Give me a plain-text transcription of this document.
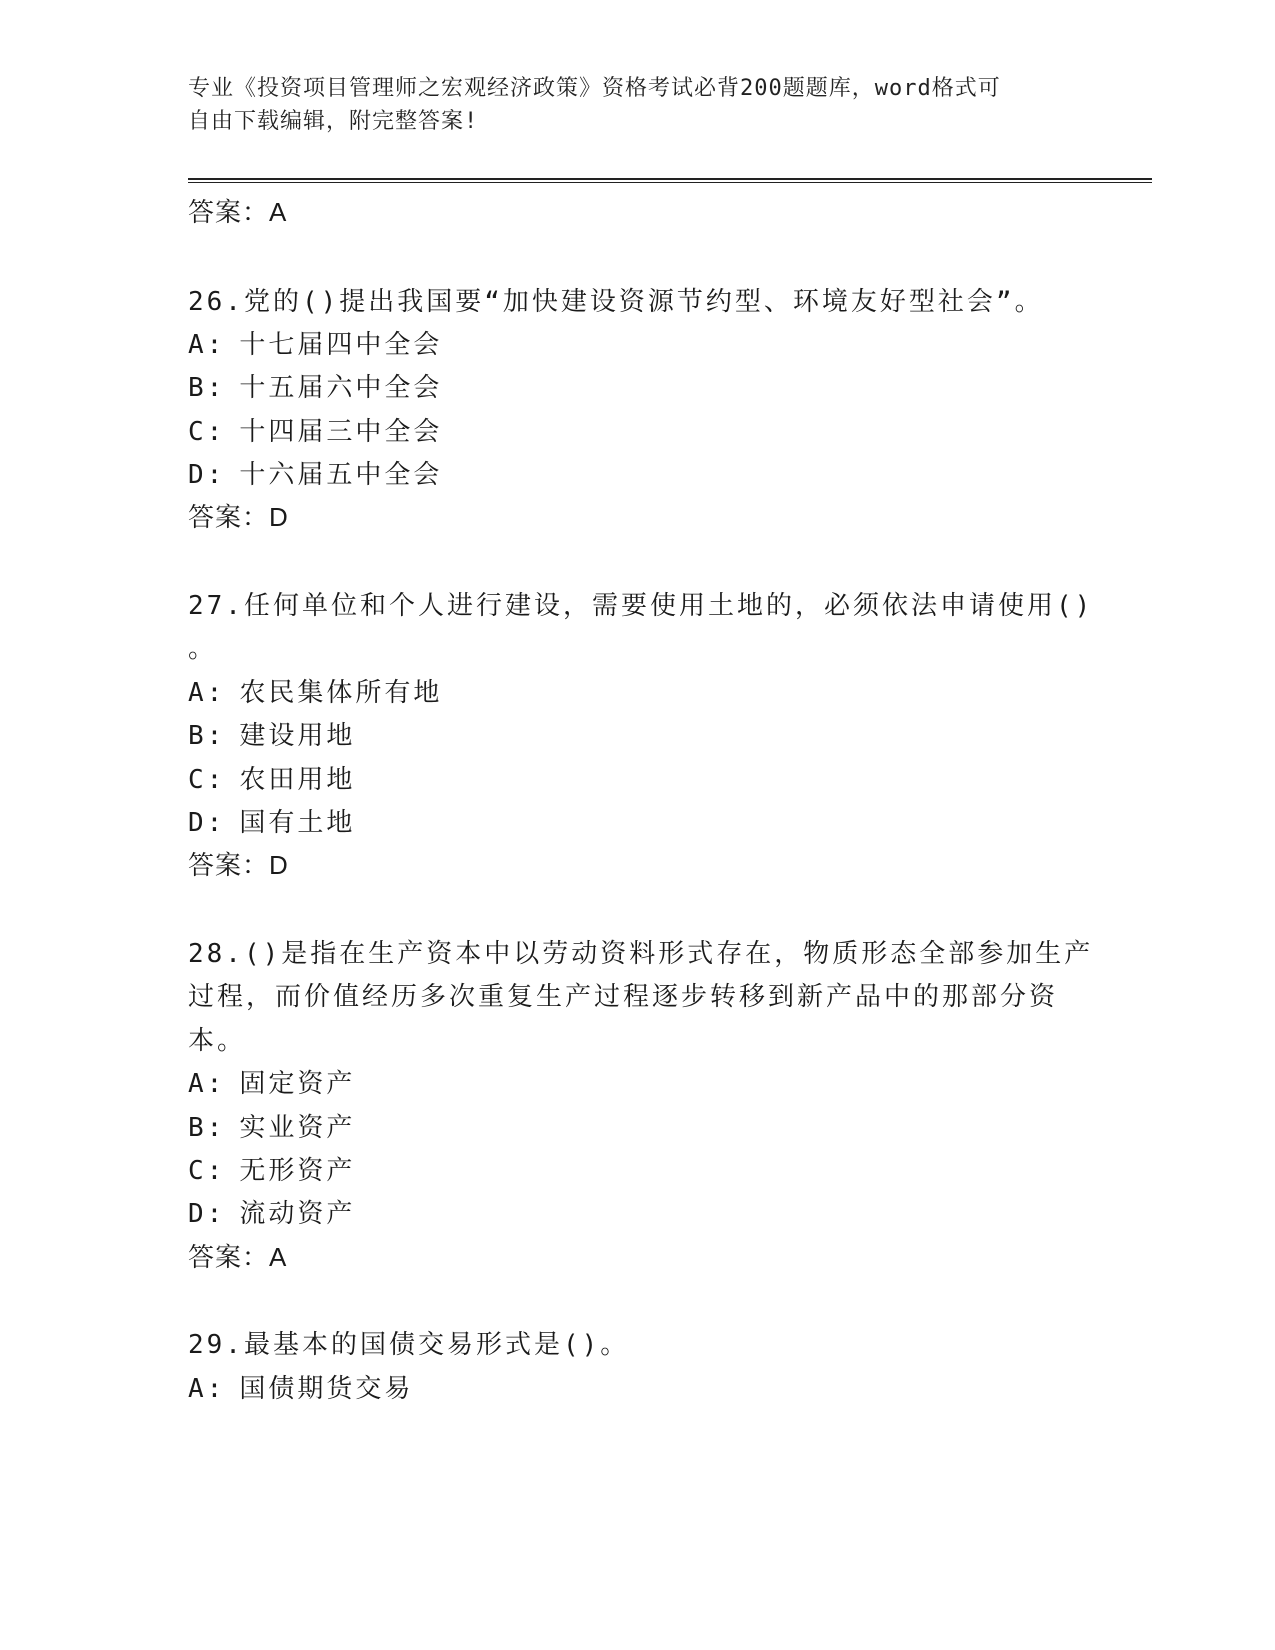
专业《投资项目管理师之宏观经济政策》资格考试必背200题题库，word格式可
自由下载编辑，附完整答案!
答案：A
26.党的()提出我国要“加快建设资源节约型、环境友好型社会”。
A: 十七届四中全会
B: 十五届六中全会
C: 十四届三中全会
D: 十六届五中全会
答案：D
27.任何单位和个人进行建设，需要使用土地的，必须依法申请使用()
。
A: 农民集体所有地
B: 建设用地
C: 农田用地
D: 国有土地
答案：D
28.()是指在生产资本中以劳动资料形式存在，物质形态全部参加生产
过程，而价值经历多次重复生产过程逐步转移到新产品中的那部分资
本。
A: 固定资产
B: 实业资产
C: 无形资产
D: 流动资产
答案：A
29.最基本的国债交易形式是()。
A: 国债期货交易
